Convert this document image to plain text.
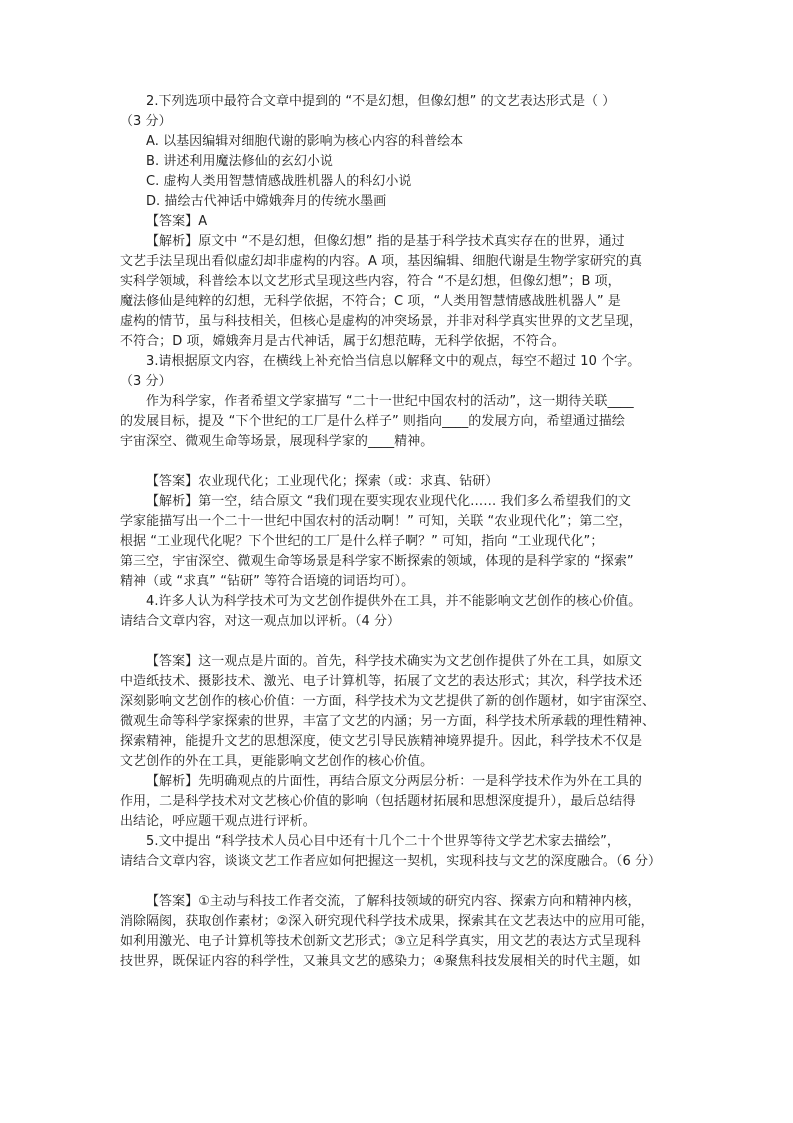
2.下列选项中最符合文章中提到的 “不是幻想，但像幻想” 的文艺表达形式是（ ）
（3 分）
A. 以基因编辑对细胞代谢的影响为核心内容的科普绘本
B. 讲述利用魔法修仙的玄幻小说
C. 虚构人类用智慧情感战胜机器人的科幻小说
D. 描绘古代神话中嫦娥奔月的传统水墨画
【答案】A
【解析】原文中 “不是幻想，但像幻想” 指的是基于科学技术真实存在的世界，通过
文艺手法呈现出看似虚幻却非虚构的内容。A 项，基因编辑、细胞代谢是生物学家研究的真
实科学领域，科普绘本以文艺形式呈现这些内容，符合 “不是幻想，但像幻想”；B 项，
魔法修仙是纯粹的幻想，无科学依据，不符合；C 项，“人类用智慧情感战胜机器人” 是
虚构的情节，虽与科技相关，但核心是虚构的冲突场景，并非对科学真实世界的文艺呈现，
不符合；D 项，嫦娥奔月是古代神话，属于幻想范畴，无科学依据，不符合。
3.请根据原文内容，在横线上补充恰当信息以解释文中的观点，每空不超过 10 个字。
（3 分）
作为科学家，作者希望文学家描写 “二十一世纪中国农村的活动”，这一期待关联____
的发展目标，提及 “下个世纪的工厂是什么样子” 则指向____的发展方向，希望通过描绘
宇宙深空、微观生命等场景，展现科学家的____精神。
【答案】农业现代化；工业现代化；探索（或：求真、钻研）
【解析】第一空，结合原文 “我们现在要实现农业现代化…… 我们多么希望我们的文
学家能描写出一个二十一世纪中国农村的活动啊！” 可知，关联 “农业现代化”；第二空，
根据 “工业现代化呢？下个世纪的工厂是什么样子啊？” 可知，指向 “工业现代化”；
第三空，宇宙深空、微观生命等场景是科学家不断探索的领域，体现的是科学家的 “探索”
精神（或 “求真” “钻研” 等符合语境的词语均可）。
4.许多人认为科学技术可为文艺创作提供外在工具，并不能影响文艺创作的核心价值。
请结合文章内容，对这一观点加以评析。（4 分）
【答案】这一观点是片面的。首先，科学技术确实为文艺创作提供了外在工具，如原文
中造纸技术、摄影技术、激光、电子计算机等，拓展了文艺的表达形式；其次，科学技术还
深刻影响文艺创作的核心价值：一方面，科学技术为文艺提供了新的创作题材，如宇宙深空、
微观生命等科学家探索的世界，丰富了文艺的内涵；另一方面，科学技术所承载的理性精神、
探索精神，能提升文艺的思想深度，使文艺引导民族精神境界提升。因此，科学技术不仅是
文艺创作的外在工具，更能影响文艺创作的核心价值。
【解析】先明确观点的片面性，再结合原文分两层分析：一是科学技术作为外在工具的
作用，二是科学技术对文艺核心价值的影响（包括题材拓展和思想深度提升），最后总结得
出结论，呼应题干观点进行评析。
5.文中提出 “科学技术人员心目中还有十几个二十个世界等待文学艺术家去描绘”，
请结合文章内容，谈谈文艺工作者应如何把握这一契机，实现科技与文艺的深度融合。（6 分）
【答案】①主动与科技工作者交流，了解科技领域的研究内容、探索方向和精神内核，
消除隔阂，获取创作素材；②深入研究现代科学技术成果，探索其在文艺表达中的应用可能，
如利用激光、电子计算机等技术创新文艺形式；③立足科学真实，用文艺的表达方式呈现科
技世界，既保证内容的科学性，又兼具文艺的感染力；④聚焦科技发展相关的时代主题，如
